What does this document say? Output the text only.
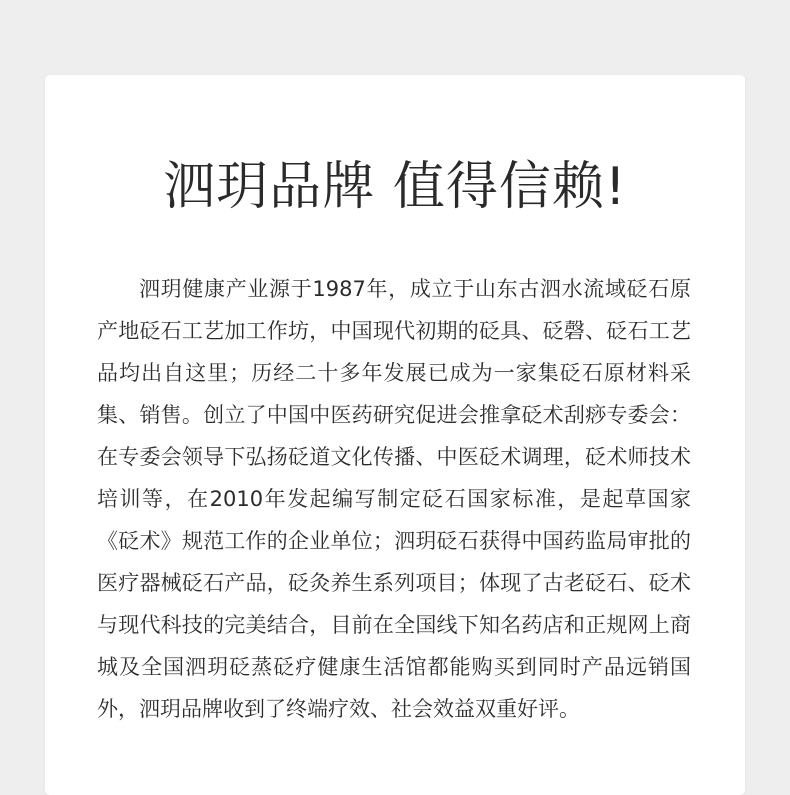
泗玥品牌 值得信赖!

泗玥健康产业源于1987年，成立于山东古泗水流域砭石原产地砭石工艺加工作坊，中国现代初期的砭具、砭磬、砭石工艺品均出自这里；历经二十多年发展已成为一家集砭石原材料采集、销售。创立了中国中医药研究促进会推拿砭术刮痧专委会：在专委会领导下弘扬砭道文化传播、中医砭术调理，砭术师技术培训等，在2010年发起编写制定砭石国家标准，是起草国家《砭术》规范工作的企业单位；泗玥砭石获得中国药监局审批的医疗器械砭石产品，砭灸养生系列项目；体现了古老砭石、砭术与现代科技的完美结合，目前在全国线下知名药店和正规网上商城及全国泗玥砭蒸砭疗健康生活馆都能购买到同时产品远销国外，泗玥品牌收到了终端疗效、社会效益双重好评。
